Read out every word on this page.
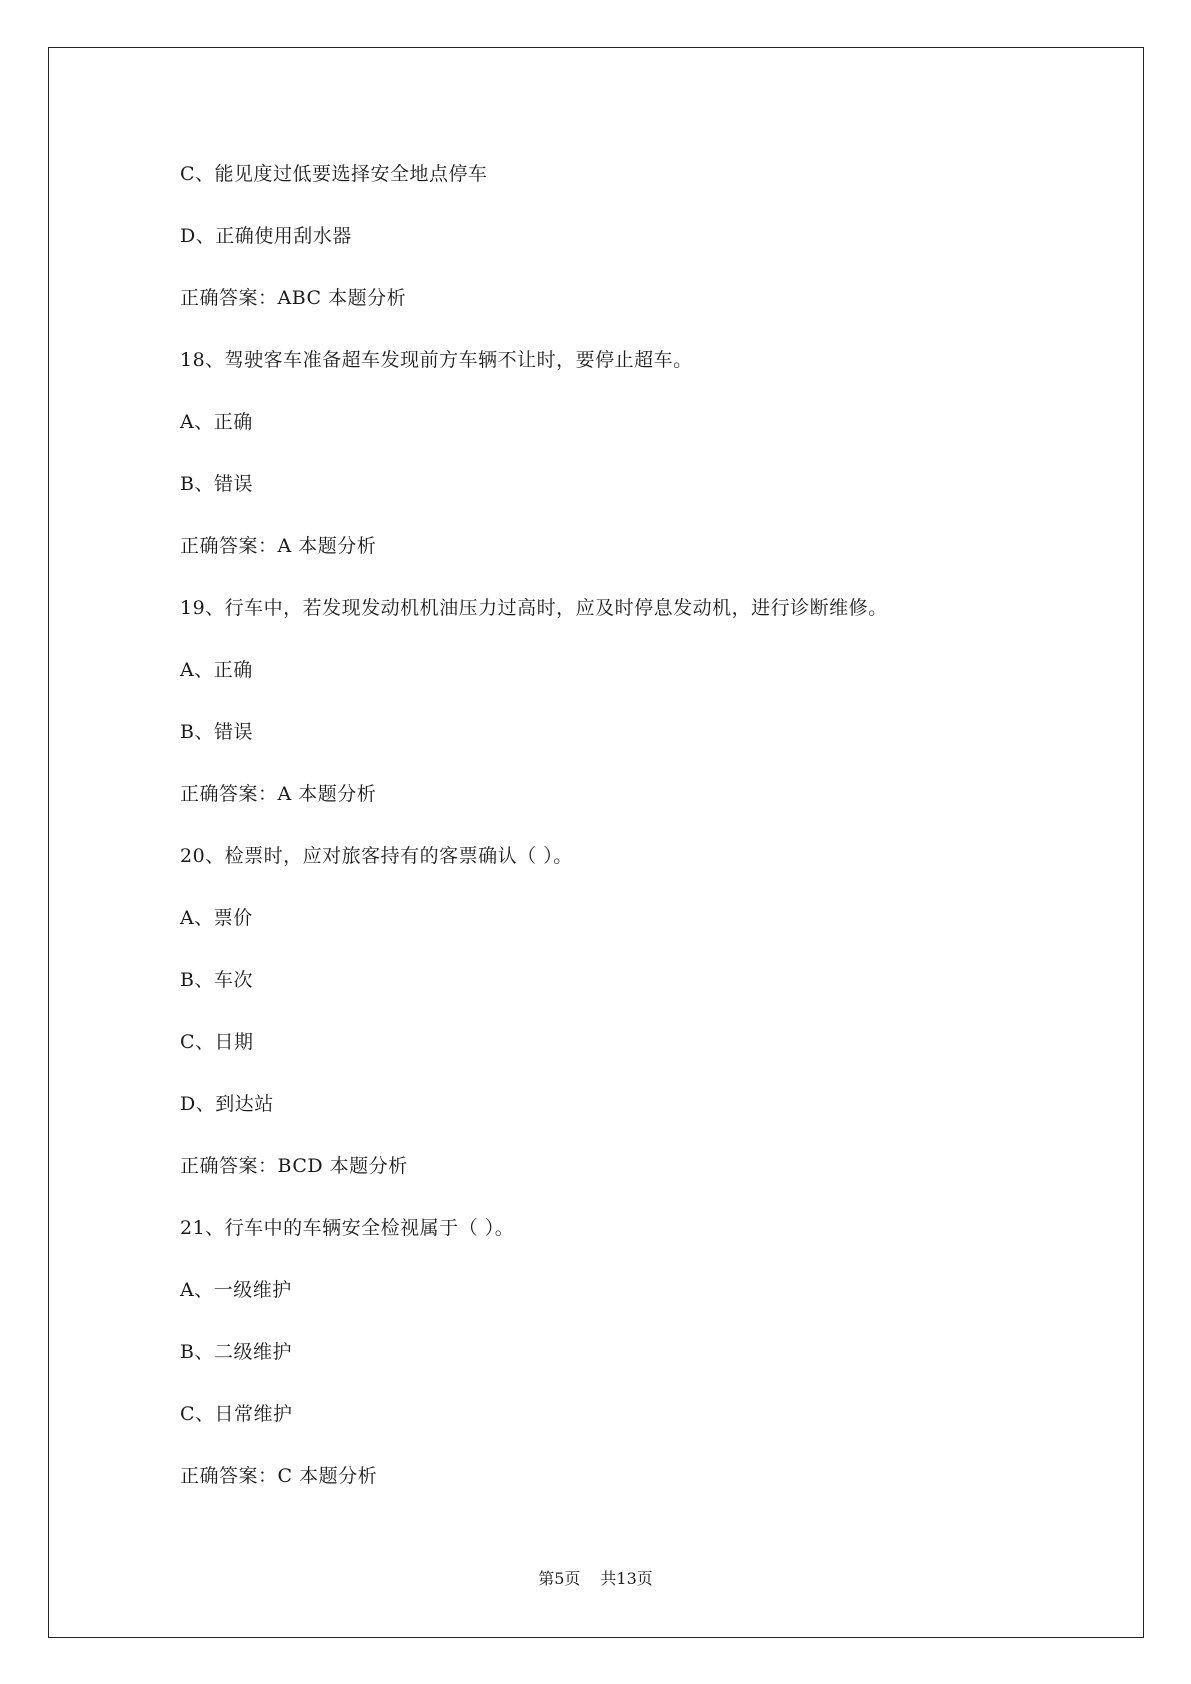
C、能见度过低要选择安全地点停车
D、正确使用刮水器
正确答案：ABC 本题分析
18、驾驶客车准备超车发现前方车辆不让时，要停止超车。
A、正确
B、错误
正确答案：A 本题分析
19、行车中，若发现发动机机油压力过高时，应及时停息发动机，进行诊断维修。
A、正确
B、错误
正确答案：A 本题分析
20、检票时，应对旅客持有的客票确认（ ）。
A、票价
B、车次
C、日期
D、到达站
正确答案：BCD 本题分析
21、行车中的车辆安全检视属于（ ）。
A、一级维护
B、二级维护
C、日常维护
正确答案：C 本题分析
第5页 共13页
